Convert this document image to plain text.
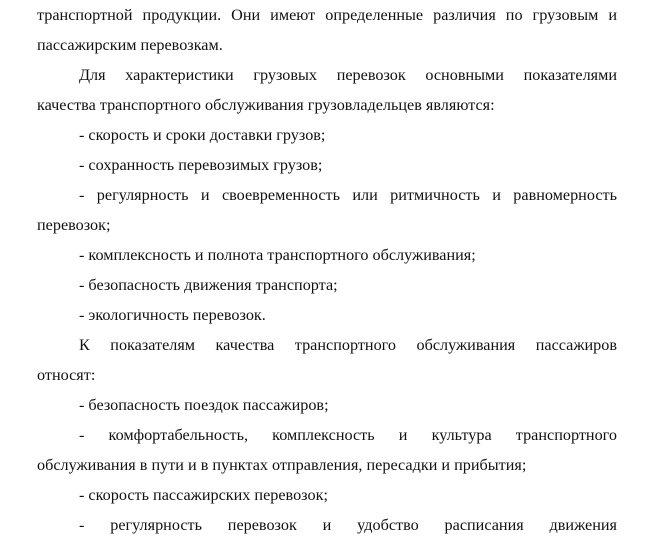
транспортной продукции. Они имеют определенные различия по грузовым и
пассажирским перевозкам.
Для характеристики грузовых перевозок основными показателями
качества транспортного обслуживания грузовладельцев являются:
- скорость и сроки доставки грузов;
- сохранность перевозимых грузов;
- регулярность и своевременность или ритмичность и равномерность
перевозок;
- комплексность и полнота транспортного обслуживания;
- безопасность движения транспорта;
- экологичность перевозок.
К показателям качества транспортного обслуживания пассажиров
относят:
- безопасность поездок пассажиров;
- комфортабельность, комплексность и культура транспортного
обслуживания в пути и в пунктах отправления, пересадки и прибытия;
- скорость пассажирских перевозок;
- регулярность перевозок и удобство расписания движения
